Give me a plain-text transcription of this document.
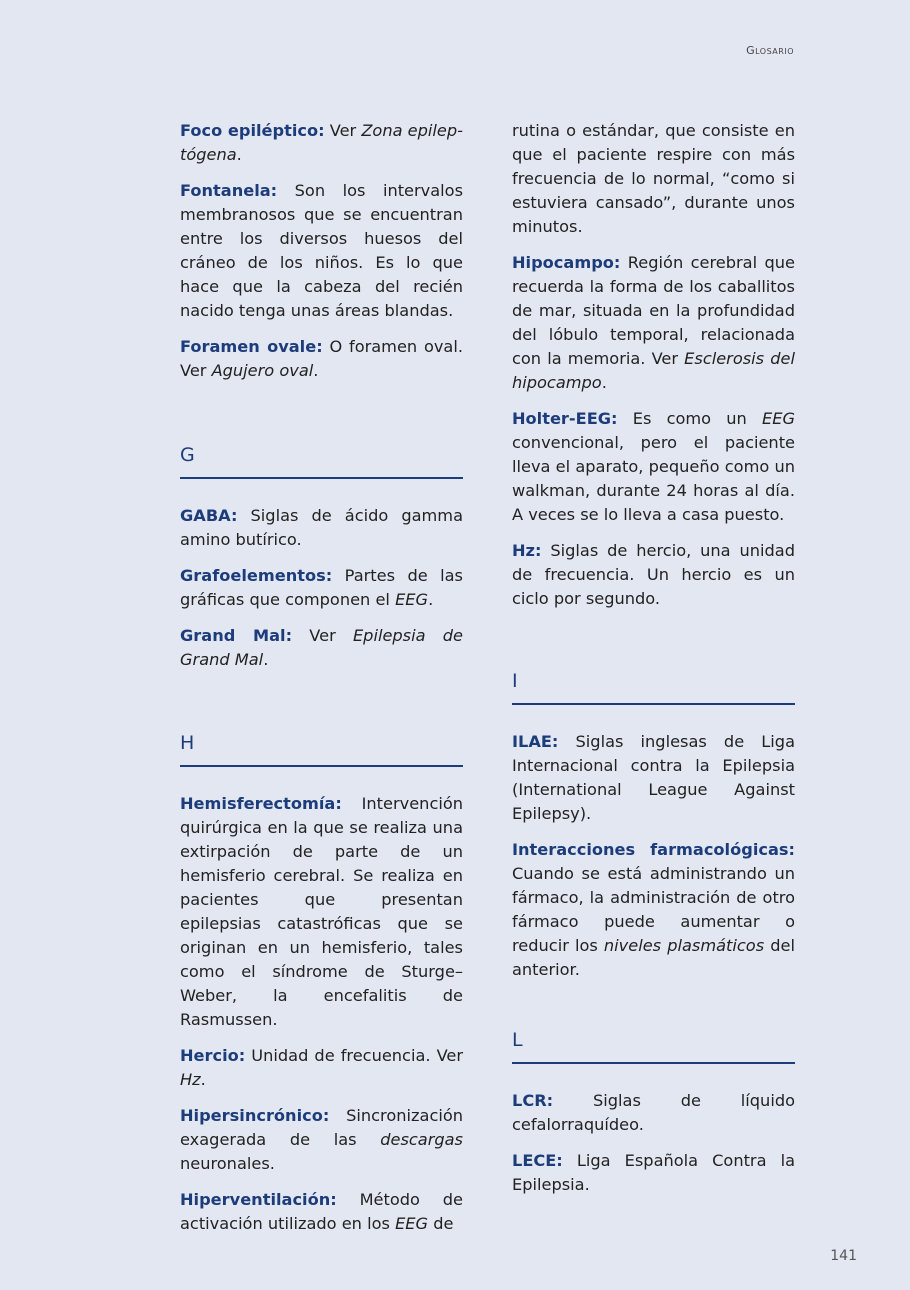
Glosario

Foco epiléptico: Ver Zona epilep-tógena.

Fontanela: Son los intervalos membranosos que se encuentran entre los diversos huesos del cráneo de los niños. Es lo que hace que la cabeza del recién nacido tenga unas áreas blandas.

Foramen ovale: O foramen oval. Ver Agujero oval.

G

GABA: Siglas de ácido gamma amino butírico.

Grafoelementos: Partes de las gráficas que componen el EEG.

Grand Mal: Ver Epilepsia de Grand Mal.

H

Hemisferectomía: Intervención quirúrgica en la que se realiza una extirpación de parte de un hemisferio cerebral. Se realiza en pacientes que presentan epilepsias catastróficas que se originan en un hemisferio, tales como el síndrome de Sturge–Weber, la encefalitis de Rasmussen.

Hercio: Unidad de frecuencia. Ver Hz.

Hipersincrónico: Sincronización exagerada de las descargas neuronales.

Hiperventilación: Método de activación utilizado en los EEG de

rutina o estándar, que consiste en que el paciente respire con más frecuencia de lo normal, “como si estuviera cansado”, durante unos minutos.

Hipocampo: Región cerebral que recuerda la forma de los caballitos de mar, situada en la profundidad del lóbulo temporal, relacionada con la memoria. Ver Esclerosis del hipocampo.

Holter-EEG: Es como un EEG convencional, pero el paciente lleva el aparato, pequeño como un walkman, durante 24 horas al día. A veces se lo lleva a casa puesto.

Hz: Siglas de hercio, una unidad de frecuencia. Un hercio es un ciclo por segundo.

I

ILAE: Siglas inglesas de Liga Internacional contra la Epilepsia (International League Against Epilepsy).

Interacciones farmacológicas: Cuando se está administrando un fármaco, la administración de otro fármaco puede aumentar o reducir los niveles plasmáticos del anterior.

L

LCR: Siglas de líquido cefalorraquídeo.

LECE: Liga Española Contra la Epilepsia.

141
